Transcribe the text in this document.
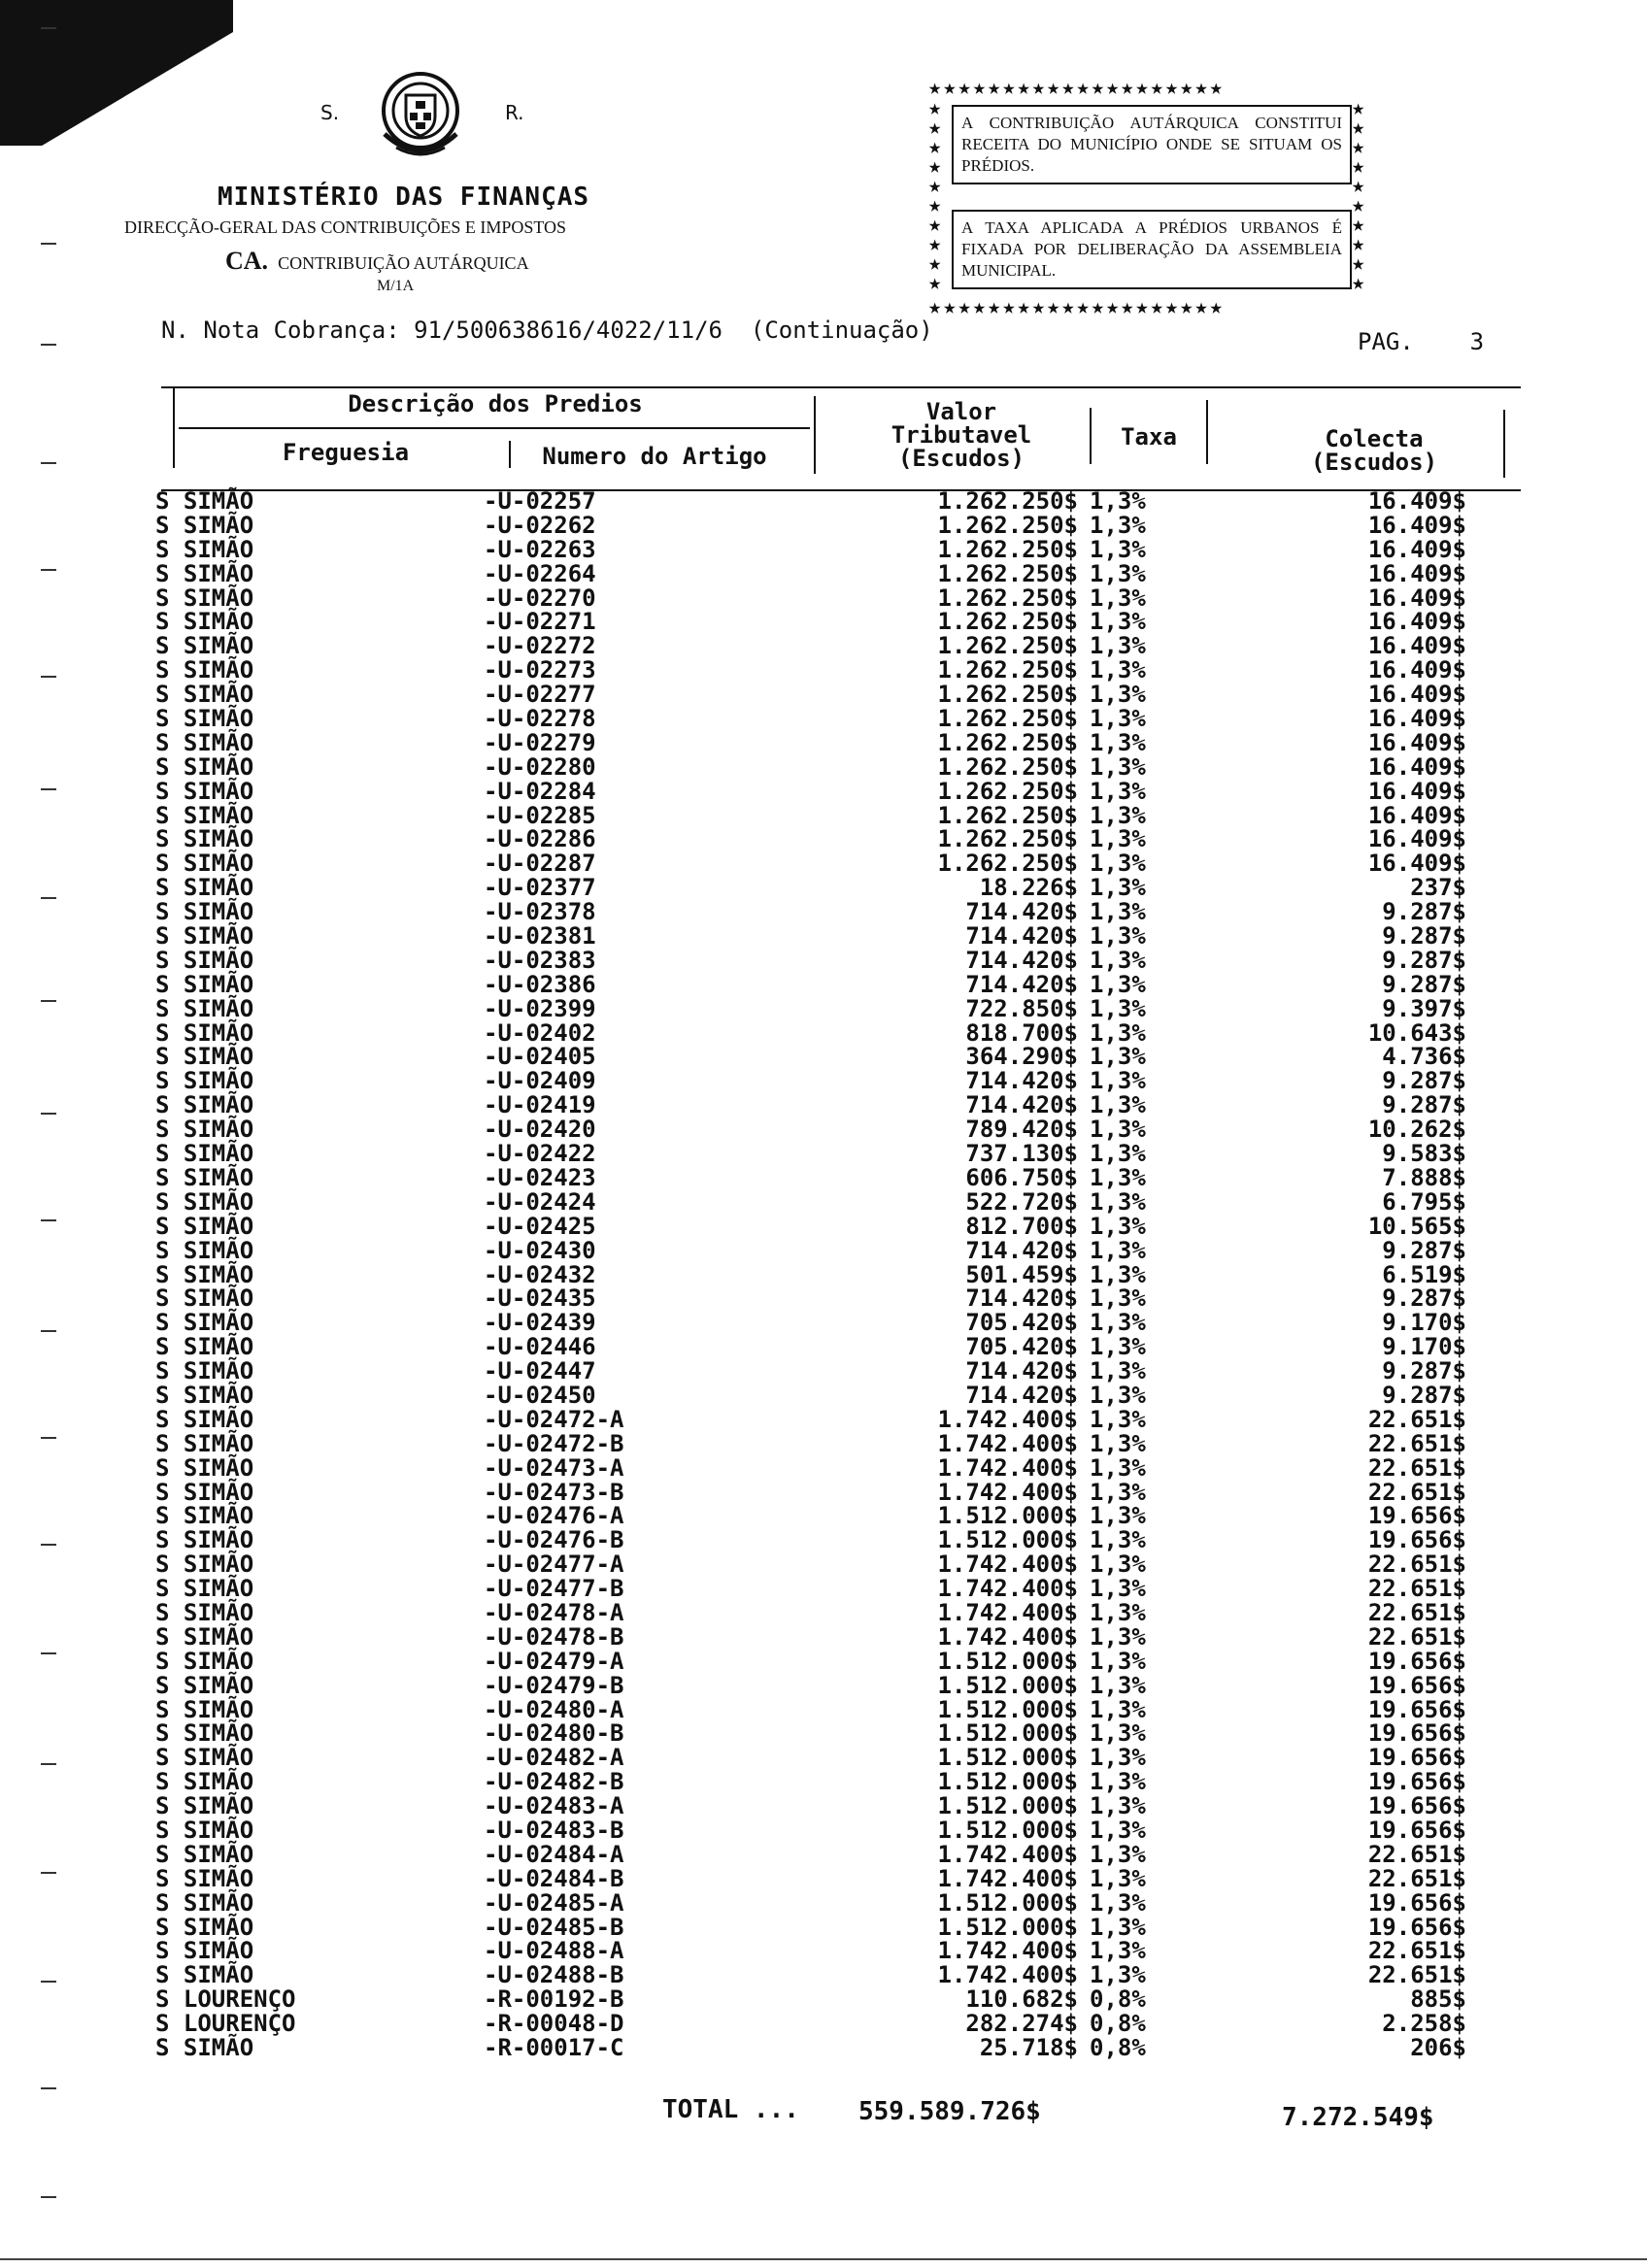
S.	R.
MINISTÉRIO DAS FINANÇAS
DIRECÇÃO-GERAL DAS CONTRIBUIÇÕES E IMPOSTOS
CA. CONTRIBUIÇÃO AUTÁRQUICA
M/1A
N. Nota Cobrança: 91/500638616/4022/11/6  (Continuação)
★★★★★★★★★★★★★★★★★★★★
★
★
★
★
★
★
★
★
★
★
★
★
★
★
★
★
★
★
★
★
A CONTRIBUIÇÃO AUTÁRQUICA CONSTITUI RECEITA DO MUNICÍPIO ONDE SE SITUAM OS PRÉDIOS.
A TAXA APLICADA A PRÉDIOS URBANOS É FIXADA POR DELIBERAÇÃO DA ASSEMBLEIA MUNICIPAL.
★★★★★★★★★★★★★★★★★★★★
PAG. 3
Descrição dos Predios
Freguesia	Numero do Artigo
Valor
Tributavel
(Escudos)
Taxa	Colecta
(Escudos)
S SIMÃO	-U-02257	1.262.250$ 1,3%	16.409$
S SIMÃO	-U-02262	1.262.250$ 1,3%	16.409$
S SIMÃO	-U-02263	1.262.250$ 1,3%	16.409$
S SIMÃO	-U-02264	1.262.250$ 1,3%	16.409$
S SIMÃO	-U-02270	1.262.250$ 1,3%	16.409$
S SIMÃO	-U-02271	1.262.250$ 1,3%	16.409$
S SIMÃO	-U-02272	1.262.250$ 1,3%	16.409$
S SIMÃO	-U-02273	1.262.250$ 1,3%	16.409$
S SIMÃO	-U-02277	1.262.250$ 1,3%	16.409$
S SIMÃO	-U-02278	1.262.250$ 1,3%	16.409$
S SIMÃO	-U-02279	1.262.250$ 1,3%	16.409$
S SIMÃO	-U-02280	1.262.250$ 1,3%	16.409$
S SIMÃO	-U-02284	1.262.250$ 1,3%	16.409$
S SIMÃO	-U-02285	1.262.250$ 1,3%	16.409$
S SIMÃO	-U-02286	1.262.250$ 1,3%	16.409$
S SIMÃO	-U-02287	1.262.250$ 1,3%	16.409$
S SIMÃO	-U-02377	18.226$ 1,3%	237$
S SIMÃO	-U-02378	714.420$ 1,3%	9.287$
S SIMÃO	-U-02381	714.420$ 1,3%	9.287$
S SIMÃO	-U-02383	714.420$ 1,3%	9.287$
S SIMÃO	-U-02386	714.420$ 1,3%	9.287$
S SIMÃO	-U-02399	722.850$ 1,3%	9.397$
S SIMÃO	-U-02402	818.700$ 1,3%	10.643$
S SIMÃO	-U-02405	364.290$ 1,3%	4.736$
S SIMÃO	-U-02409	714.420$ 1,3%	9.287$
S SIMÃO	-U-02419	714.420$ 1,3%	9.287$
S SIMÃO	-U-02420	789.420$ 1,3%	10.262$
S SIMÃO	-U-02422	737.130$ 1,3%	9.583$
S SIMÃO	-U-02423	606.750$ 1,3%	7.888$
S SIMÃO	-U-02424	522.720$ 1,3%	6.795$
S SIMÃO	-U-02425	812.700$ 1,3%	10.565$
S SIMÃO	-U-02430	714.420$ 1,3%	9.287$
S SIMÃO	-U-02432	501.459$ 1,3%	6.519$
S SIMÃO	-U-02435	714.420$ 1,3%	9.287$
S SIMÃO	-U-02439	705.420$ 1,3%	9.170$
S SIMÃO	-U-02446	705.420$ 1,3%	9.170$
S SIMÃO	-U-02447	714.420$ 1,3%	9.287$
S SIMÃO	-U-02450	714.420$ 1,3%	9.287$
S SIMÃO	-U-02472-A	1.742.400$ 1,3%	22.651$
S SIMÃO	-U-02472-B	1.742.400$ 1,3%	22.651$
S SIMÃO	-U-02473-A	1.742.400$ 1,3%	22.651$
S SIMÃO	-U-02473-B	1.742.400$ 1,3%	22.651$
S SIMÃO	-U-02476-A	1.512.000$ 1,3%	19.656$
S SIMÃO	-U-02476-B	1.512.000$ 1,3%	19.656$
S SIMÃO	-U-02477-A	1.742.400$ 1,3%	22.651$
S SIMÃO	-U-02477-B	1.742.400$ 1,3%	22.651$
S SIMÃO	-U-02478-A	1.742.400$ 1,3%	22.651$
S SIMÃO	-U-02478-B	1.742.400$ 1,3%	22.651$
S SIMÃO	-U-02479-A	1.512.000$ 1,3%	19.656$
S SIMÃO	-U-02479-B	1.512.000$ 1,3%	19.656$
S SIMÃO	-U-02480-A	1.512.000$ 1,3%	19.656$
S SIMÃO	-U-02480-B	1.512.000$ 1,3%	19.656$
S SIMÃO	-U-02482-A	1.512.000$ 1,3%	19.656$
S SIMÃO	-U-02482-B	1.512.000$ 1,3%	19.656$
S SIMÃO	-U-02483-A	1.512.000$ 1,3%	19.656$
S SIMÃO	-U-02483-B	1.512.000$ 1,3%	19.656$
S SIMÃO	-U-02484-A	1.742.400$ 1,3%	22.651$
S SIMÃO	-U-02484-B	1.742.400$ 1,3%	22.651$
S SIMÃO	-U-02485-A	1.512.000$ 1,3%	19.656$
S SIMÃO	-U-02485-B	1.512.000$ 1,3%	19.656$
S SIMÃO	-U-02488-A	1.742.400$ 1,3%	22.651$
S SIMÃO	-U-02488-B	1.742.400$ 1,3%	22.651$
S LOURENÇO	-R-00192-B	110.682$ 0,8%	885$
S LOURENÇO	-R-00048-D	282.274$ 0,8%	2.258$
S SIMÃO	-R-00017-C	25.718$ 0,8%	206$
TOTAL ... 559.589.726$	7.272.549$
